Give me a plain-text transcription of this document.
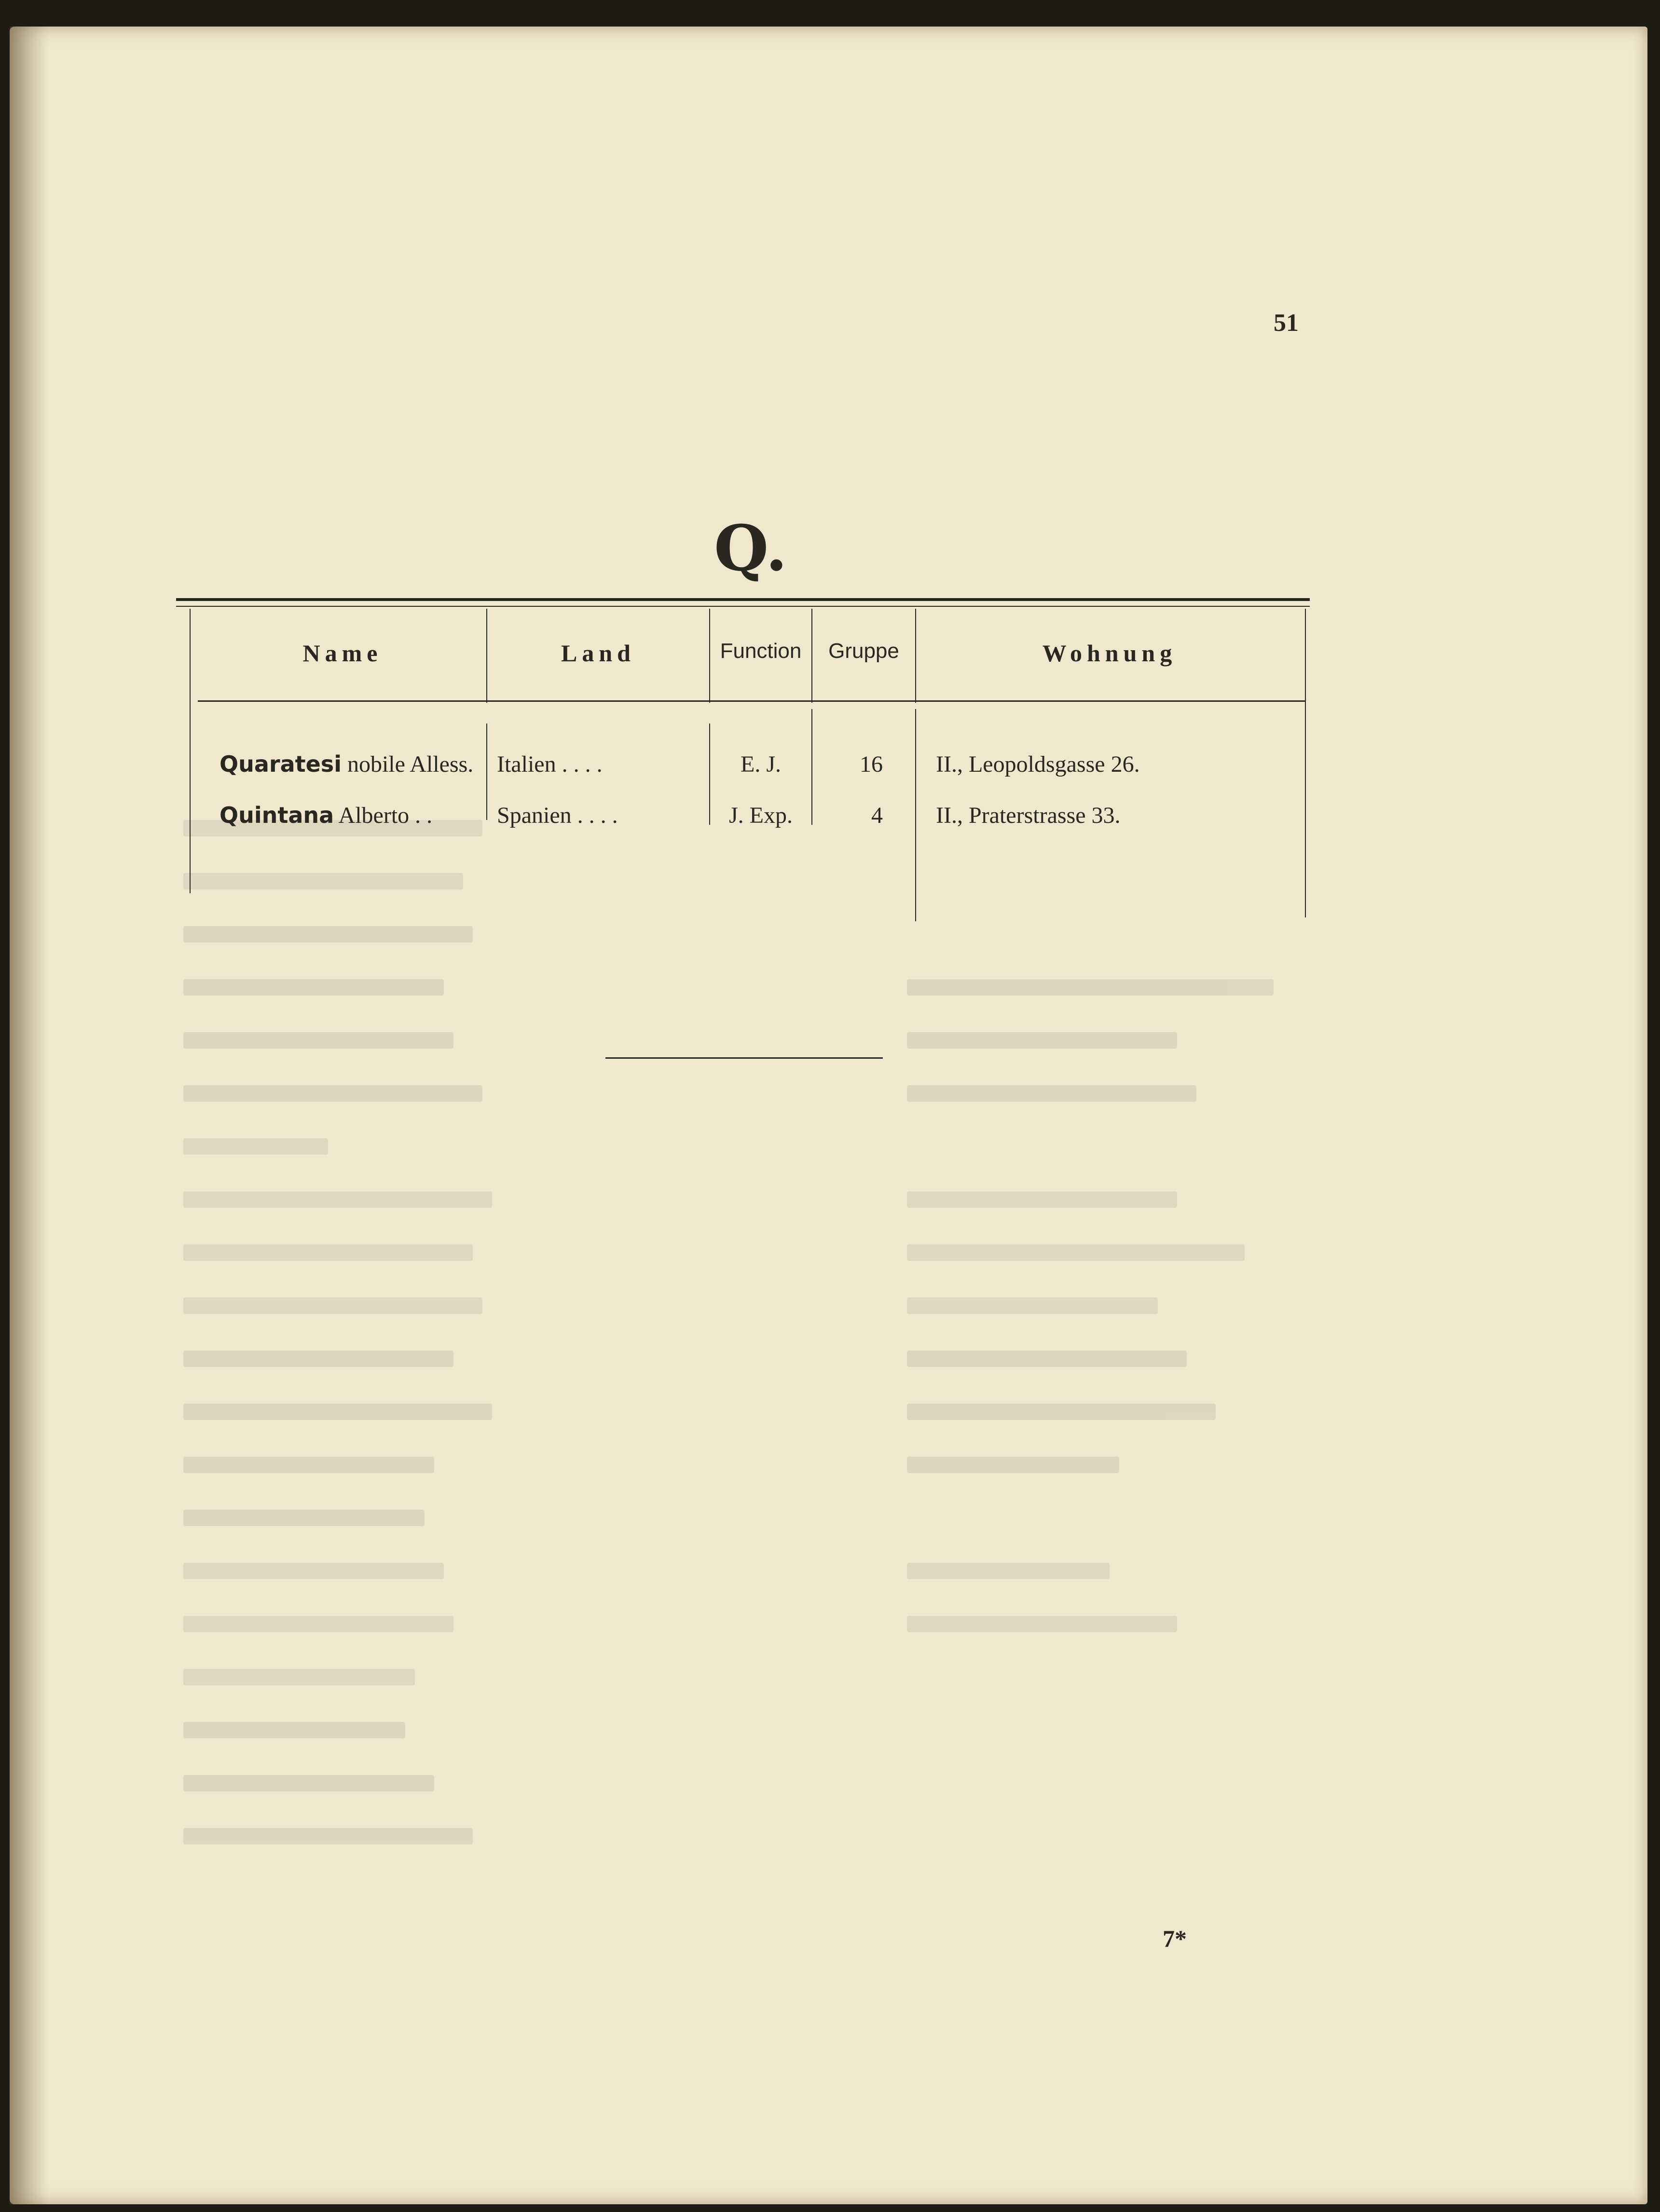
51
Q.
Name	Land	Function	Gruppe	Wohnung
Quaratesi nobile Alless. Italien . . . .	E. J.	16 II., Leopoldsgasse 26.
Quintana Alberto . .	Spanien . . . .	J. Exp.	4 II., Praterstrasse 33.
7*
